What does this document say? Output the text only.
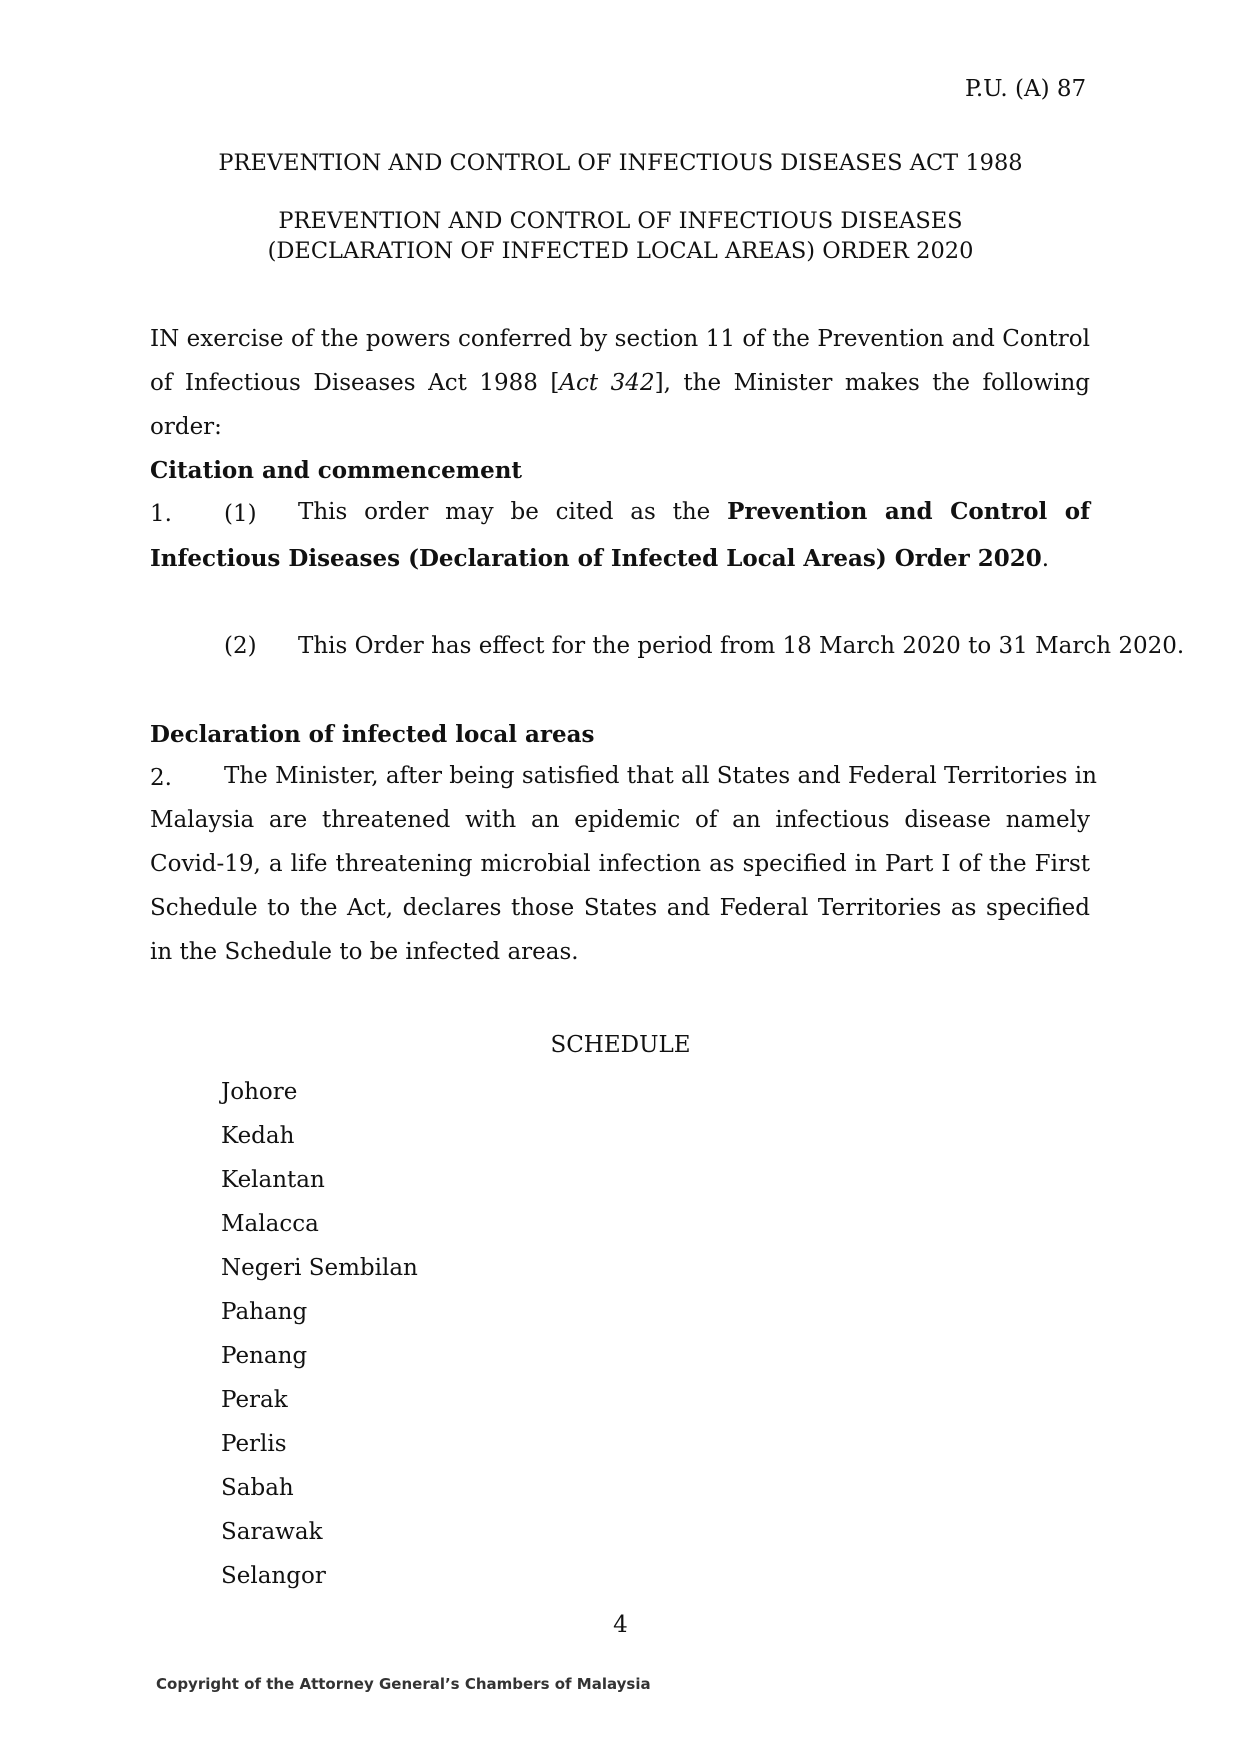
P.U. (A) 87
PREVENTION AND CONTROL OF INFECTIOUS DISEASES ACT 1988
PREVENTION AND CONTROL OF INFECTIOUS DISEASES
(DECLARATION OF INFECTED LOCAL AREAS) ORDER 2020
IN exercise of the powers conferred by section 11 of the Prevention and Control of Infectious Diseases Act 1988 [Act 342], the Minister makes the following order:
Citation and commencement
1. (1) This order may be cited as the Prevention and Control of
Infectious Diseases (Declaration of Infected Local Areas) Order 2020.
(2) This Order has effect for the period from 18 March 2020 to 31 March 2020.
Declaration of infected local areas
2. The Minister, after being satisfied that all States and Federal Territories in
Malaysia are threatened with an epidemic of an infectious disease namely Covid-19, a life threatening microbial infection as specified in Part I of the First Schedule to the Act, declares those States and Federal Territories as specified in the Schedule to be infected areas.
SCHEDULE
Johore
Kedah
Kelantan
Malacca
Negeri Sembilan
Pahang
Penang
Perak
Perlis
Sabah
Sarawak
Selangor
4
Copyright of the Attorney General’s Chambers of Malaysia
